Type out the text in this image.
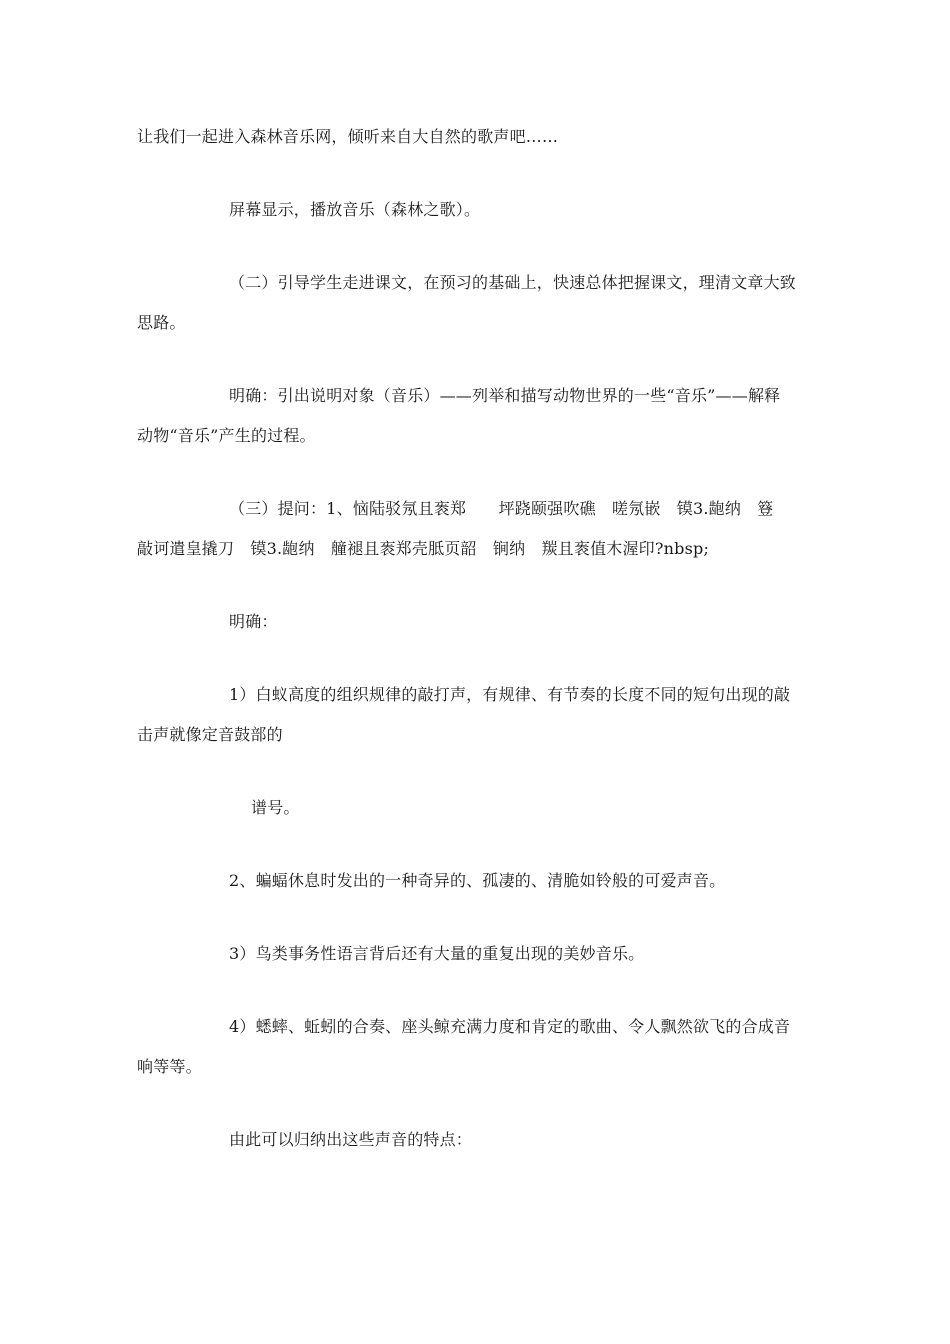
让我们一起进入森林音乐网，倾听来自大自然的歌声吧……
屏幕显示，播放音乐（森林之歌）。
（二）引导学生走进课文，在预习的基础上，快速总体把握课文，理清文章大致
思路。
明确：引出说明对象（音乐）——列举和描写动物世界的一些“音乐”——解释
动物“音乐”产生的过程。
（三）提问：1、恼陆驳氖且袠郑　　坪跷颐强吹礁　嗟氖嵌　镆3.龅纳　簦
敲诃遣皇撬刀　镆3.龅纳　艟褪且袠郑壳胝页韶　锏纳　羰且袠值木渥印?nbsp;
明确：
1）白蚁高度的组织规律的敲打声，有规律、有节奏的长度不同的短句出现的敲
击声就像定音鼓部的
谱号。
2、蝙蝠休息时发出的一种奇异的、孤凄的、清脆如铃般的可爱声音。
3）鸟类事务性语言背后还有大量的重复出现的美妙音乐。
4）蟋蟀、蚯蚓的合奏、座头鲸充满力度和肯定的歌曲、令人飘然欲飞的合成音
响等等。
由此可以归纳出这些声音的特点：
